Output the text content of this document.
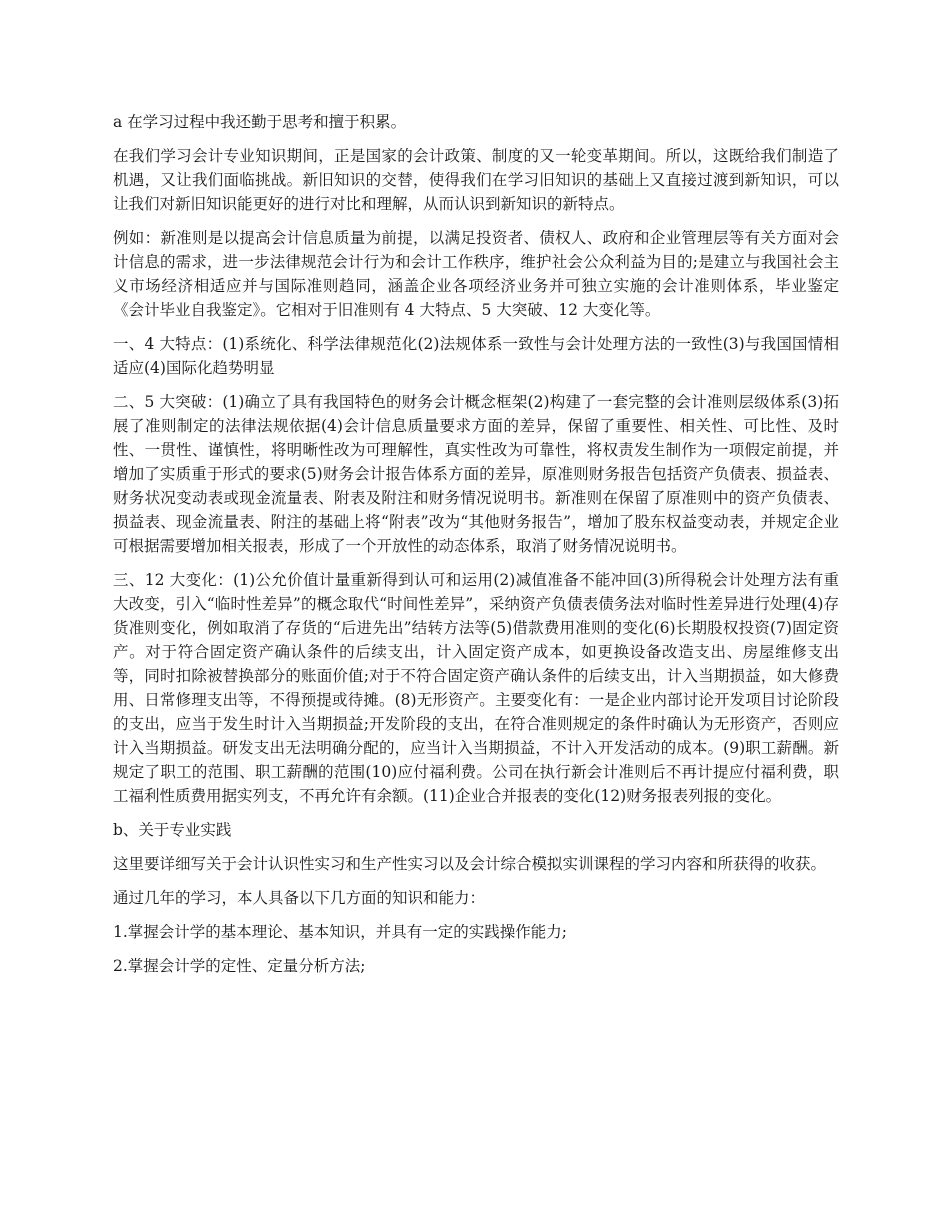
a 在学习过程中我还勤于思考和擅于积累。

在我们学习会计专业知识期间，正是国家的会计政策、制度的又一轮变革期间。所以，这既给我们制造了机遇，又让我们面临挑战。新旧知识的交替，使得我们在学习旧知识的基础上又直接过渡到新知识，可以让我们对新旧知识能更好的进行对比和理解，从而认识到新知识的新特点。

例如：新准则是以提高会计信息质量为前提，以满足投资者、债权人、政府和企业管理层等有关方面对会计信息的需求，进一步法律规范会计行为和会计工作秩序，维护社会公众利益为目的;是建立与我国社会主义市场经济相适应并与国际准则趋同，涵盖企业各项经济业务并可独立实施的会计准则体系，毕业鉴定《会计毕业自我鉴定》。它相对于旧准则有 4 大特点、5 大突破、12 大变化等。

一、4 大特点：(1)系统化、科学法律规范化(2)法规体系一致性与会计处理方法的一致性(3)与我国国情相适应(4)国际化趋势明显

二、5 大突破：(1)确立了具有我国特色的财务会计概念框架(2)构建了一套完整的会计准则层级体系(3)拓展了准则制定的法律法规依据(4)会计信息质量要求方面的差异，保留了重要性、相关性、可比性、及时性、一贯性、谨慎性，将明晰性改为可理解性，真实性改为可靠性，将权责发生制作为一项假定前提，并增加了实质重于形式的要求(5)财务会计报告体系方面的差异，原准则财务报告包括资产负债表、损益表、财务状况变动表或现金流量表、附表及附注和财务情况说明书。新准则在保留了原准则中的资产负债表、损益表、现金流量表、附注的基础上将“附表”改为“其他财务报告”，增加了股东权益变动表，并规定企业可根据需要增加相关报表，形成了一个开放性的动态体系，取消了财务情况说明书。

三、12 大变化：(1)公允价值计量重新得到认可和运用(2)减值准备不能冲回(3)所得税会计处理方法有重大改变，引入“临时性差异”的概念取代“时间性差异”，采纳资产负债表债务法对临时性差异进行处理(4)存货准则变化，例如取消了存货的“后进先出”结转方法等(5)借款费用准则的变化(6)长期股权投资(7)固定资产。对于符合固定资产确认条件的后续支出，计入固定资产成本，如更换设备改造支出、房屋维修支出等，同时扣除被替换部分的账面价值;对于不符合固定资产确认条件的后续支出，计入当期损益，如大修费用、日常修理支出等，不得预提或待摊。(8)无形资产。主要变化有：一是企业内部讨论开发项目讨论阶段的支出，应当于发生时计入当期损益;开发阶段的支出，在符合准则规定的条件时确认为无形资产，否则应计入当期损益。研发支出无法明确分配的，应当计入当期损益，不计入开发活动的成本。(9)职工薪酬。新规定了职工的范围、职工薪酬的范围(10)应付福利费。公司在执行新会计准则后不再计提应付福利费，职工福利性质费用据实列支，不再允许有余额。(11)企业合并报表的变化(12)财务报表列报的变化。

b、关于专业实践

这里要详细写关于会计认识性实习和生产性实习以及会计综合模拟实训课程的学习内容和所获得的收获。

通过几年的学习，本人具备以下几方面的知识和能力：

1.掌握会计学的基本理论、基本知识，并具有一定的实践操作能力;

2.掌握会计学的定性、定量分析方法;
